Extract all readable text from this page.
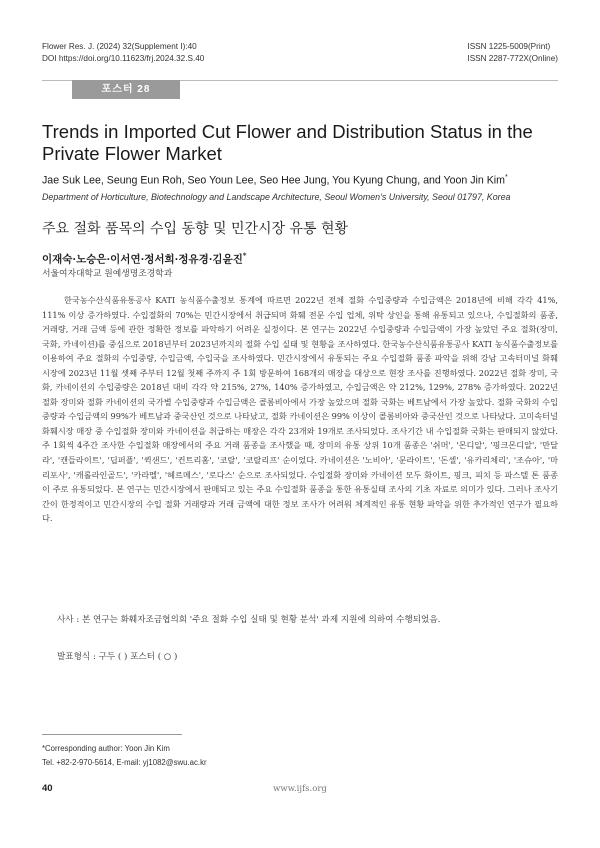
Flower Res. J. (2024) 32(Supplement I):40
DOI https://doi.org/10.11623/frj.2024.32.S.40
ISSN 1225-5009(Print)
ISSN 2287-772X(Online)
포스터 28
Trends in Imported Cut Flower and Distribution Status in the Private Flower Market
Jae Suk Lee, Seung Eun Roh, Seo Youn Lee, Seo Hee Jung, You Kyung Chung, and Yoon Jin Kim*
Department of Horticulture, Biotechnology and Landscape Architecture, Seoul Women’s University, Seoul 01797, Korea
주요 절화 품목의 수입 동향 및 민간시장 유통 현황
이재숙·노승은·이서연·정서희·정유경·김윤진*
서울여자대학교 원예생명조경학과
한국농수산식품유통공사 KATI 농식품수출정보 통계에 따르면 2022년 전체 절화 수입중량과 수입금액은 2018년에 비해 각각 41%, 111% 이상 증가하였다. 수입절화의 70%는 민간시장에서 취급되며 화훼 전문 수입 업체, 위탁 상인을 통해 유통되고 있으나, 수입절화의 품종, 거래량, 거래 금액 등에 관한 정확한 정보를 파악하기 어려운 실정이다. 본 연구는 2022년 수입중량과 수입금액이 가장 높았던 주요 절화(장미, 국화, 카네이션)를 중심으로 2018년부터 2023년까지의 절화 수입 실태 및 현황을 조사하였다. 한국농수산식품유통공사 KATI 농식품수출정보를 이용하여 주요 절화의 수입중량, 수입금액, 수입국을 조사하였다. 민간시장에서 유통되는 주요 수입절화 품종 파악을 위해 강남 고속터미널 화훼시장에 2023년 11월 셋째 주부터 12월 첫째 주까지 주 1회 방문하여 168개의 매장을 대상으로 현장 조사를 진행하였다. 2022년 절화 장미, 국화, 카네이션의 수입중량은 2018년 대비 각각 약 215%, 27%, 140% 증가하였고, 수입금액은 약 212%, 129%, 278% 증가하였다. 2022년 절화 장미와 절화 카네이션의 국가별 수입중량과 수입금액은 콜롬비아에서 가장 높았으며 절화 국화는 베트남에서 가장 높았다. 절화 국화의 수입중량과 수입금액의 99%가 베트남과 중국산인 것으로 나타났고, 절화 카네이션은 99% 이상이 콜롬비아와 중국산인 것으로 나타났다. 고미속터널 화훼시장 매장 중 수입절화 장미와 카네이션을 취급하는 매장은 각각 23개와 19개로 조사되었다. 조사기간 내 수입절화 국화는 판매되지 않았다. 주 1회씩 4주간 조사한 수입절화 매장에서의 주요 거래 품종을 조사했을 때, 장미의 유통 상위 10개 품종은 '쉬머', '몬디알', '핑크몬디알', '만달라', '캔들라이트', '딥퍼플', '퀵샌드', '컨트리홈', '코랄', '코랄리프' 순이었다. 카네이션은 '노비아', '문라이트', '돈셀', '유카리체리', '조슈아', '마리포사', '캐롤라인골드', '카라멜', '헤르메스', '로다스' 순으로 조사되었다. 수입절화 장미와 카네이션 모두 화이트, 핑크, 피치 등 파스텔 톤 품종이 주로 유통되었다. 본 연구는 민간시장에서 판매되고 있는 주요 수입절화 품종을 통한 유통실태 조사의 기초 자료로 의미가 있다. 그러나 조사기간이 한정적이고 민간시장의 수입 절화 거래량과 거래 금액에 대한 정보 조사가 어려워 체계적인 유통 현황 파악을 위한 추가적인 연구가 필요하다.
사사 : 본 연구는 화훼자조금협의회 '주요 절화 수입 실태 및 현황 분석' 과제 지원에 의하여 수행되었음.
발표형식 : 구두 ( ) 포스터 ( ○ )
*Corresponding author: Yoon Jin Kim
Tel. +82-2-970-5614, E-mail: yj1082@swu.ac.kr
40	www.ijfs.org
